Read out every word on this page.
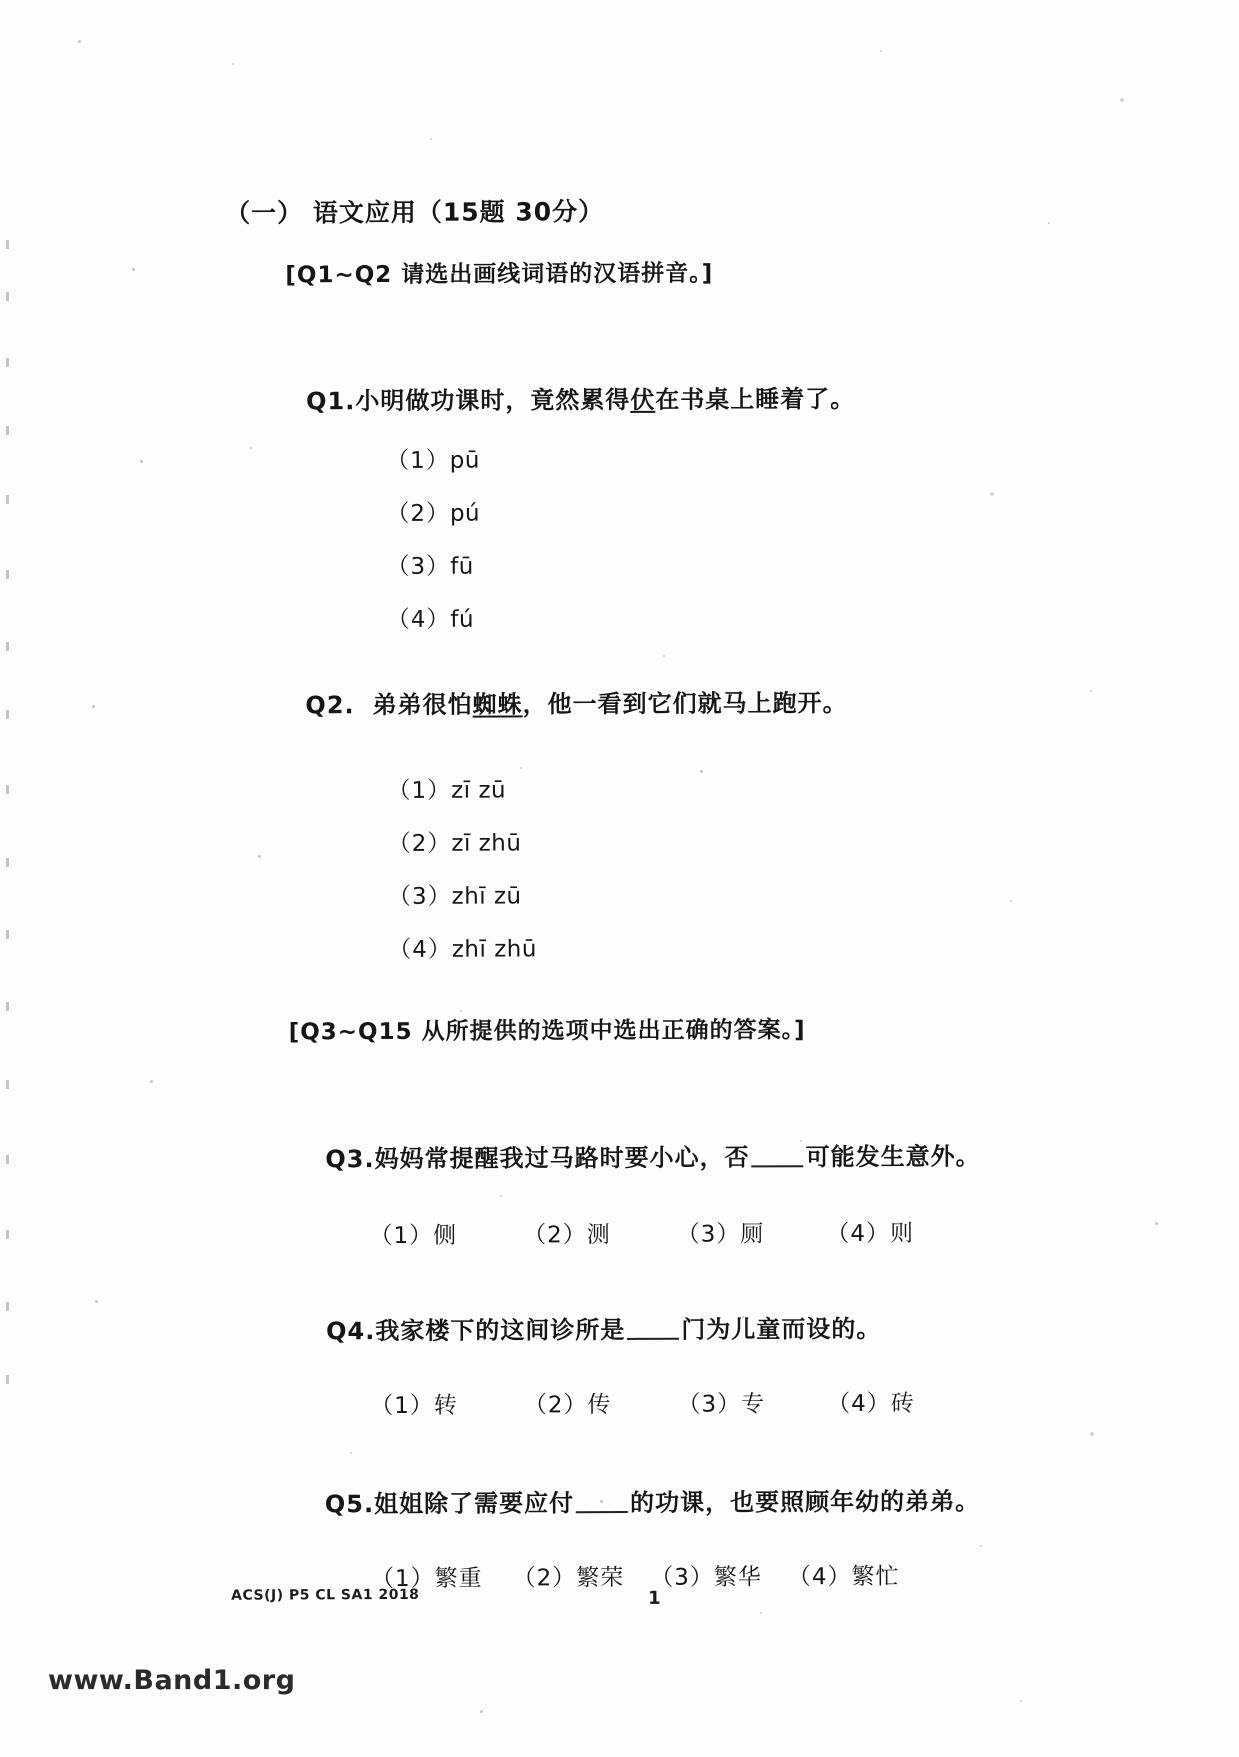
（一） 语文应用（15题 30分）
[Q1~Q2 请选出画线词语的汉语拼音。]

Q1.小明做功课时，竟然累得伏在书桌上睡着了。

（1）pū

（2）pú

（3）fū

（4）fú

Q2. 弟弟很怕蜘蛛，他一看到它们就马上跑开。

（1）zī zū

（2）zī zhū

（3）zhī zū

（4）zhī zhū

[Q3~Q15 从所提供的选项中选出正确的答案。]

Q3.妈妈常提醒我过马路时要小心，否 可能发生意外。

（1）侧	（2）测	（3）厕	（4）则

Q4.我家楼下的这间诊所是 门为儿童而设的。

（1）转	（2）传	（3）专	（4）砖

Q5.姐姐除了需要应付 的功课，也要照顾年幼的弟弟。

（1）繁重 （2）繁荣 （3）繁华 （4）繁忙

ACS(J) P5 CL SA1 2018	1
www.Band1.org
